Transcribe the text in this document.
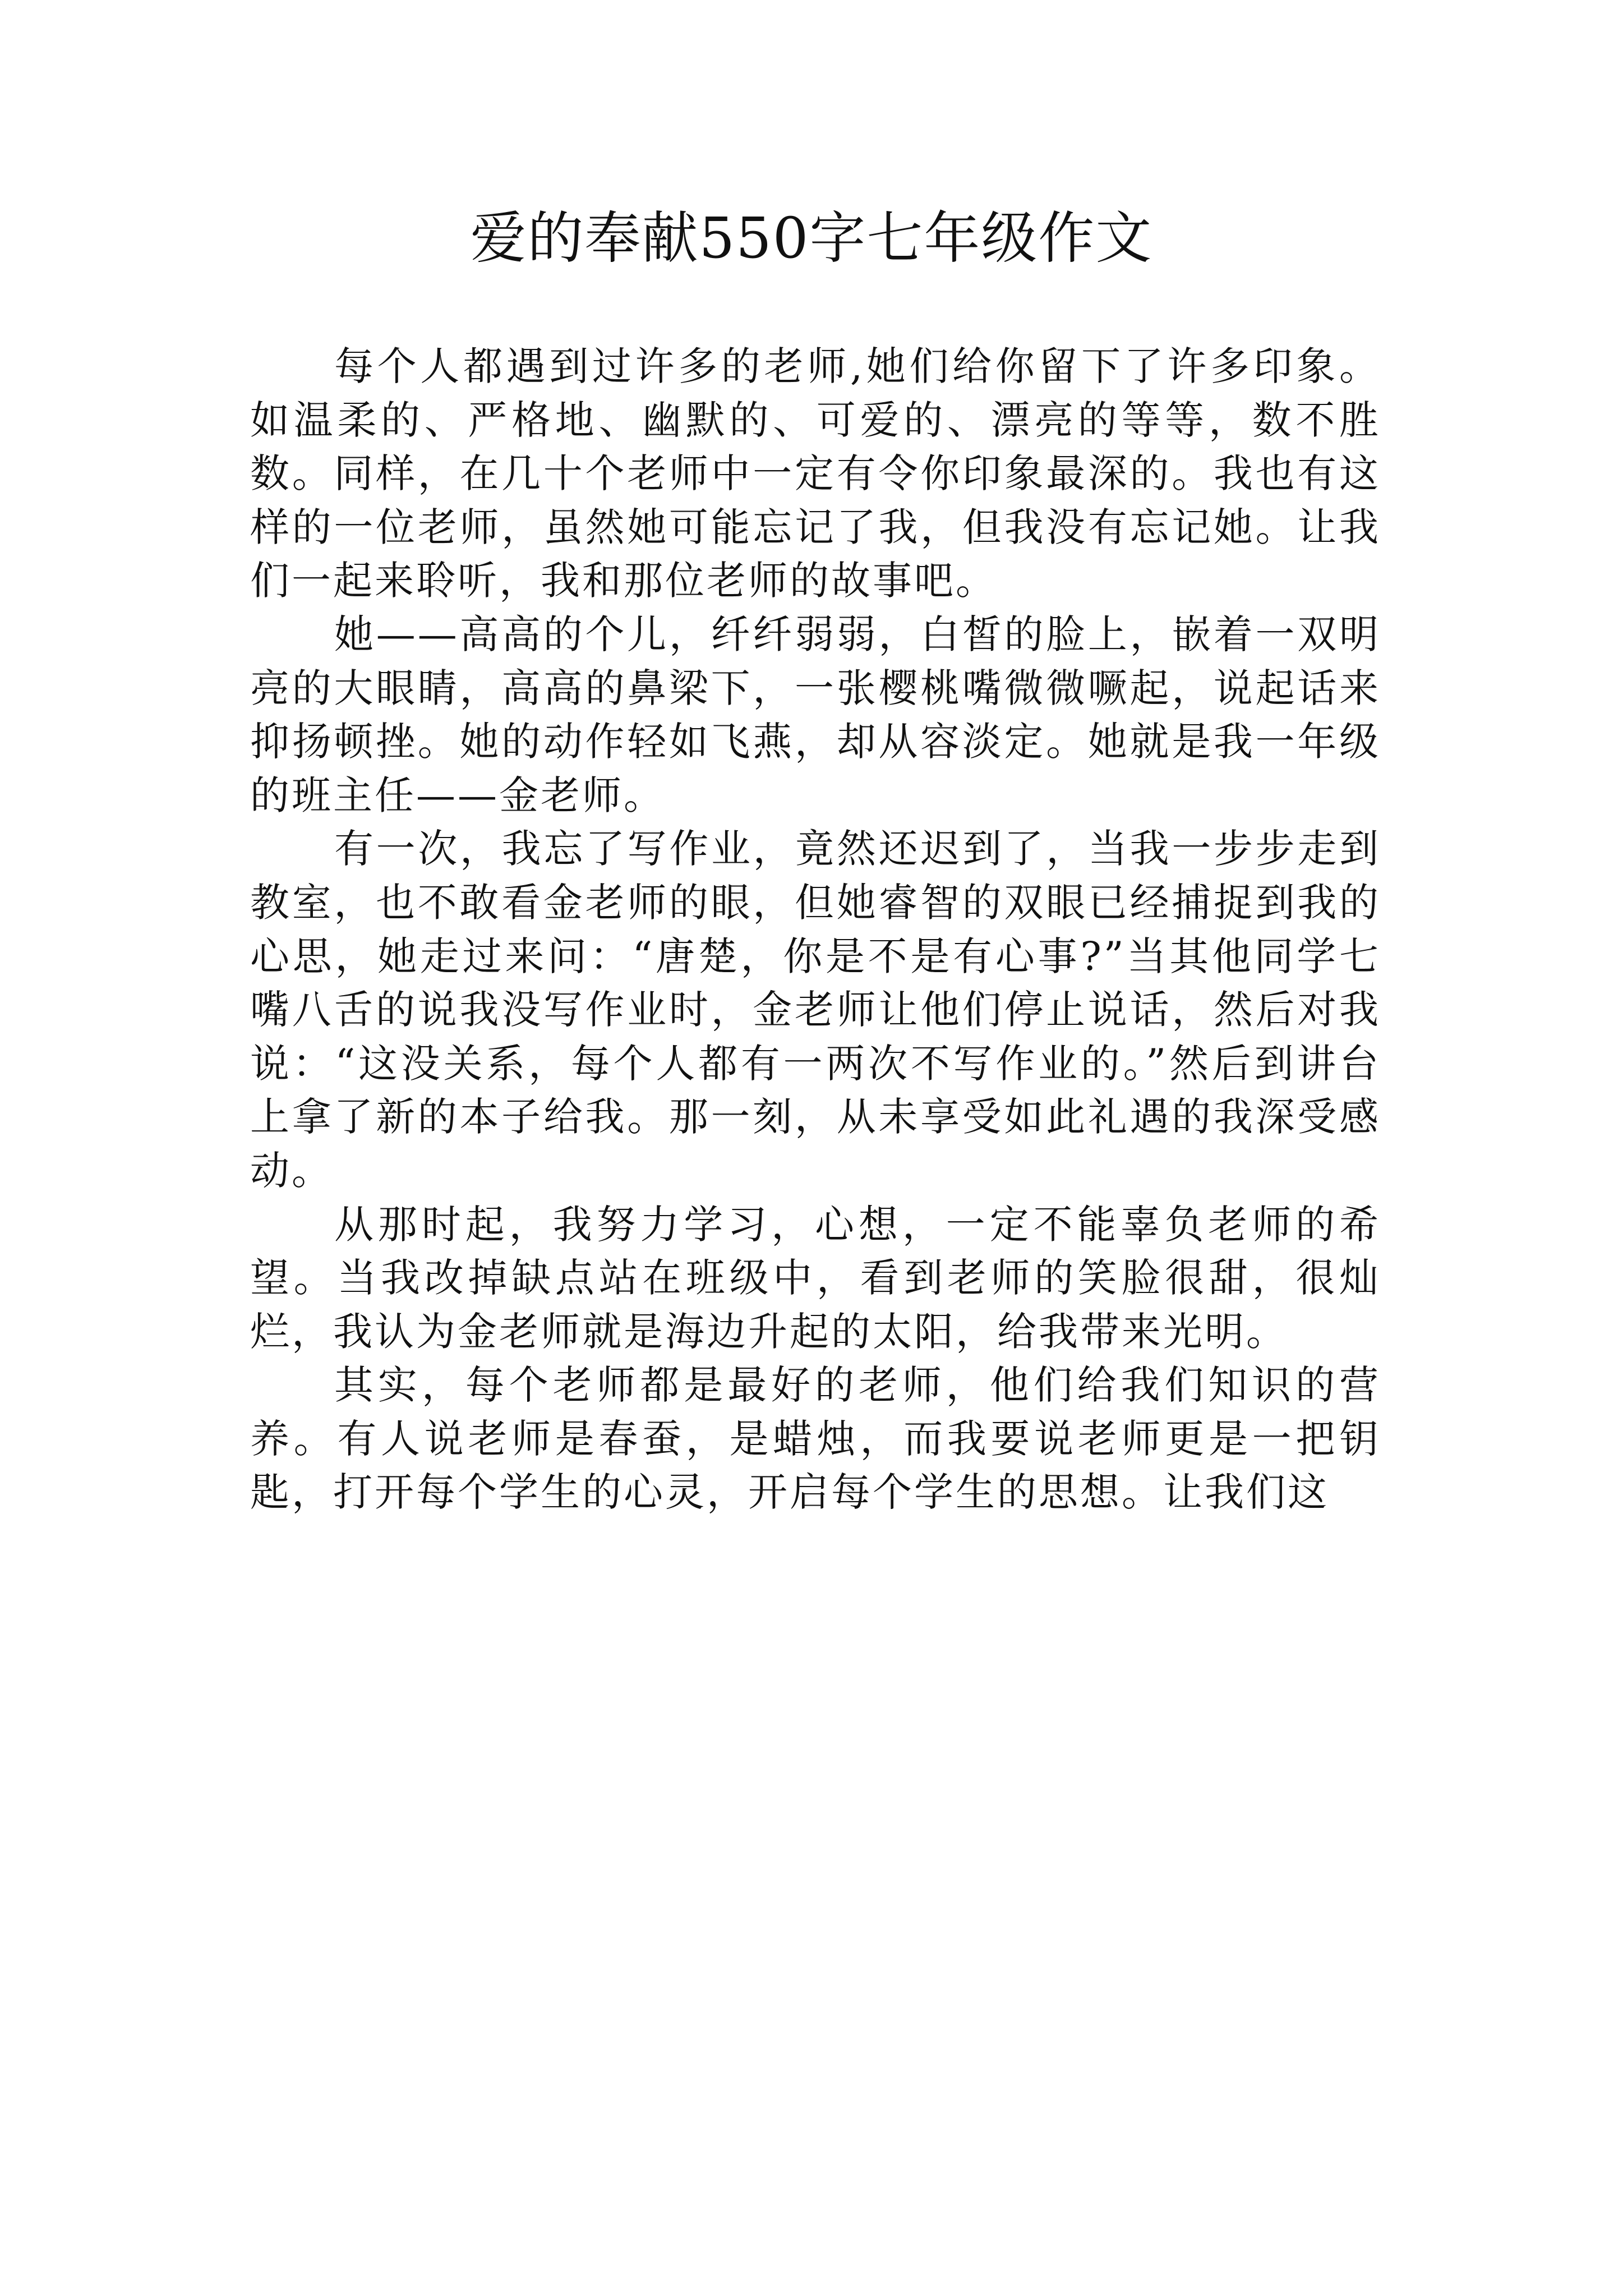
爱的奉献550字七年级作文

每个人都遇到过许多的老师,她们给你留下了许多印象。如温柔的、严格地、幽默的、可爱的、漂亮的等等，数不胜数。同样，在几十个老师中一定有令你印象最深的。我也有这样的一位老师，虽然她可能忘记了我，但我没有忘记她。让我们一起来聆听，我和那位老师的故事吧。

她——高高的个儿，纤纤弱弱，白皙的脸上，嵌着一双明亮的大眼睛，高高的鼻梁下，一张樱桃嘴微微噘起，说起话来抑扬顿挫。她的动作轻如飞燕，却从容淡定。她就是我一年级的班主任——金老师。

有一次，我忘了写作业，竟然还迟到了，当我一步步走到教室，也不敢看金老师的眼，但她睿智的双眼已经捕捉到我的心思，她走过来问：“唐楚，你是不是有心事?”当其他同学七嘴八舌的说我没写作业时，金老师让他们停止说话，然后对我说：“这没关系，每个人都有一两次不写作业的。”然后到讲台上拿了新的本子给我。那一刻，从未享受如此礼遇的我深受感动。

从那时起，我努力学习，心想，一定不能辜负老师的希望。当我改掉缺点站在班级中，看到老师的笑脸很甜，很灿烂，我认为金老师就是海边升起的太阳，给我带来光明。

其实，每个老师都是最好的老师，他们给我们知识的营养。有人说老师是春蚕，是蜡烛，而我要说老师更是一把钥匙，打开每个学生的心灵，开启每个学生的思想。让我们这
